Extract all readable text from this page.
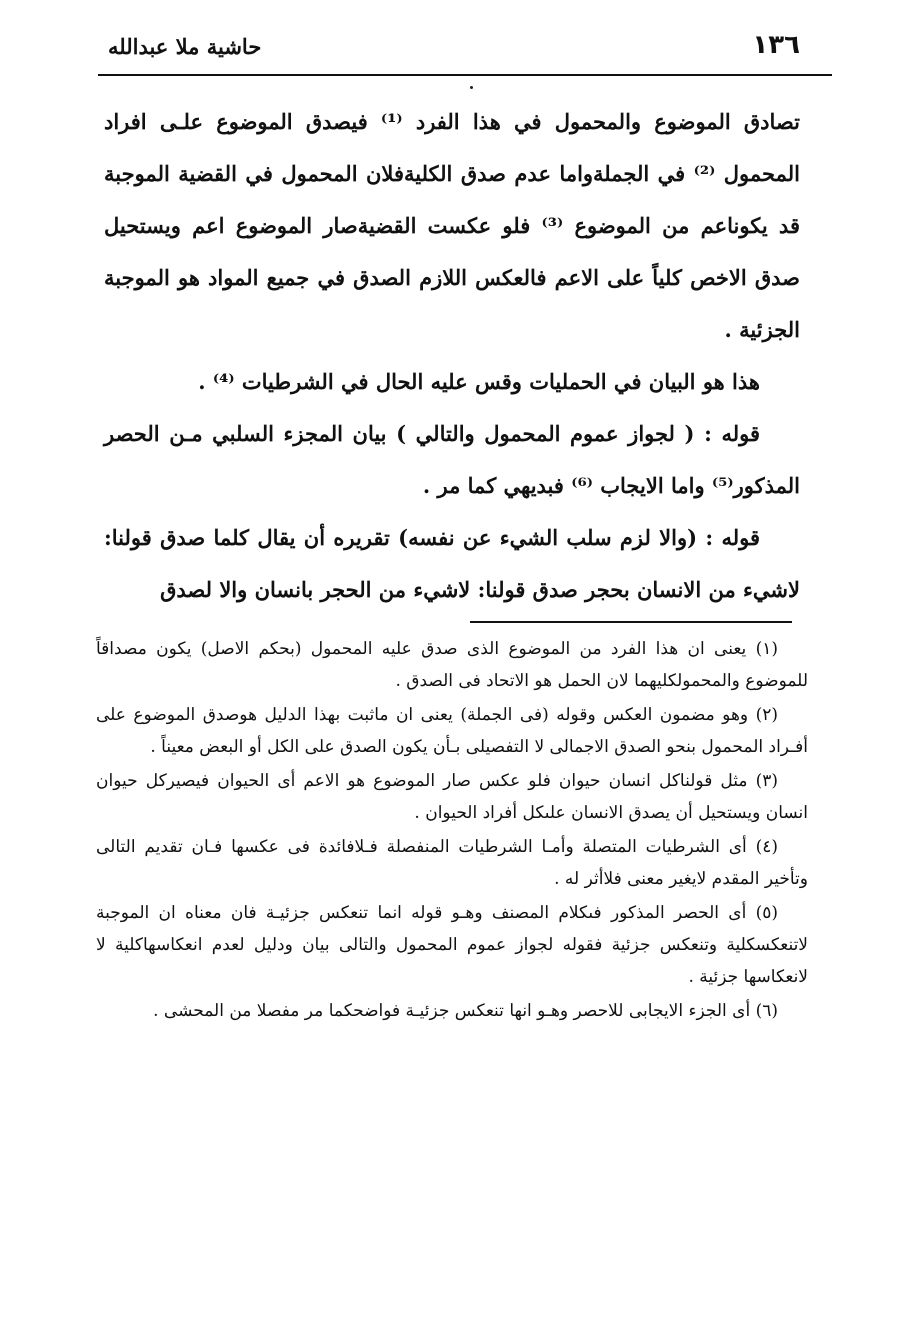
١٣٦
حاشية ملا عبدالله

تصادق الموضوع والمحمول في هذا الفرد ⁽¹⁾ فيصدق الموضوع علـى افراد المحمول ⁽²⁾ في الجملةواما عدم صدق الكليةفلان المحمول في القضية الموجبة قد يكوناعم من الموضوع ⁽³⁾ فلو عكست القضيةصار الموضوع اعم ويستحيل صدق الاخص كلياً على الاعم فالعكس اللازم الصدق في جميع المواد هو الموجبة الجزئية .

هذا هو البيان في الحمليات وقس عليه الحال في الشرطيات ⁽⁴⁾ .

قوله : ( لجواز عموم المحمول والتالي ) بيان المجزء السلبي مـن الحصر المذكور⁽⁵⁾ واما الايجاب ⁽⁶⁾ فبديهي كما مر .

قوله : (والا لزم سلب الشيء عن نفسه) تقريره أن يقال كلما صدق قولنا: لاشيء من الانسان بحجر صدق قولنا: لاشيء من الحجر بانسان والا لصدق

(١) يعنى ان هذا الفرد من الموضوع الذى صدق عليه المحمول (بحكم الاصل) يكون مصداقاً للموضوع والمحمولكليهما لان الحمل هو الاتحاد فى الصدق .

(٢) وهو مضمون العكس وقوله (فى الجملة) يعنى ان ماثبت بهذا الدليل هوصدق الموضوع على أفـراد المحمول بنحو الصدق الاجمالى لا التفصيلى بـأن يكون الصدق على الكل أو البعض معيناً .

(٣) مثل قولناكل انسان حيوان فلو عكس صار الموضوع هو الاعم أى الحيوان فيصيركل حيوان انسان ويستحيل أن يصدق الانسان علىكل أفراد الحيوان .

(٤) أى الشرطيات المتصلة وأمـا الشرطيات المنفصلة فـلافائدة فى عكسها فـان تقديم التالى وتأخير المقدم لايغير معنى فلاأثر له .

(٥) أى الحصر المذكور فىكلام المصنف وهـو قوله انما تنعكس جزئيـة فان معناه ان الموجبة لاتنعكسكلية وتنعكس جزئية فقوله لجواز عموم المحمول والتالى بيان ودليل لعدم انعكاسهاكلية لا لانعكاسها جزئية .

(٦) أى الجزء الايجابى للاحصر وهـو انها تنعكس جزئيـة فواضحكما مر مفصلا من المحشى .
